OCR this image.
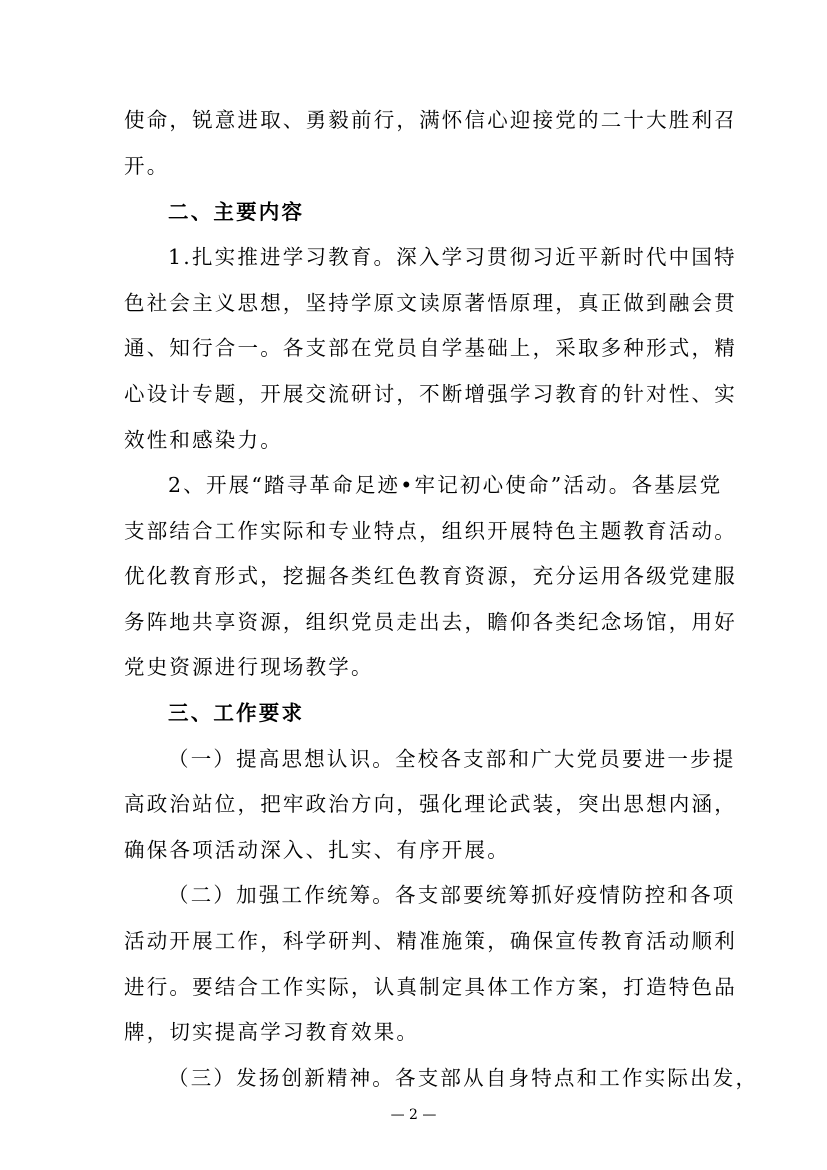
使命，锐意进取、勇毅前行，满怀信心迎接党的二十大胜利召
开。
二、主要内容
1.扎实推进学习教育。深入学习贯彻习近平新时代中国特
色社会主义思想，坚持学原文读原著悟原理，真正做到融会贯
通、知行合一。各支部在党员自学基础上，采取多种形式，精
心设计专题，开展交流研讨，不断增强学习教育的针对性、实
效性和感染力。
2、开展“踏寻革命足迹•牢记初心使命”活动。各基层党
支部结合工作实际和专业特点，组织开展特色主题教育活动。
优化教育形式，挖掘各类红色教育资源，充分运用各级党建服
务阵地共享资源，组织党员走出去，瞻仰各类纪念场馆，用好
党史资源进行现场教学。
三、工作要求
（一）提高思想认识。全校各支部和广大党员要进一步提
高政治站位，把牢政治方向，强化理论武装，突出思想内涵，
确保各项活动深入、扎实、有序开展。
（二）加强工作统筹。各支部要统筹抓好疫情防控和各项
活动开展工作，科学研判、精准施策，确保宣传教育活动顺利
进行。要结合工作实际，认真制定具体工作方案，打造特色品
牌，切实提高学习教育效果。
（三）发扬创新精神。各支部从自身特点和工作实际出发，
— 2 —
